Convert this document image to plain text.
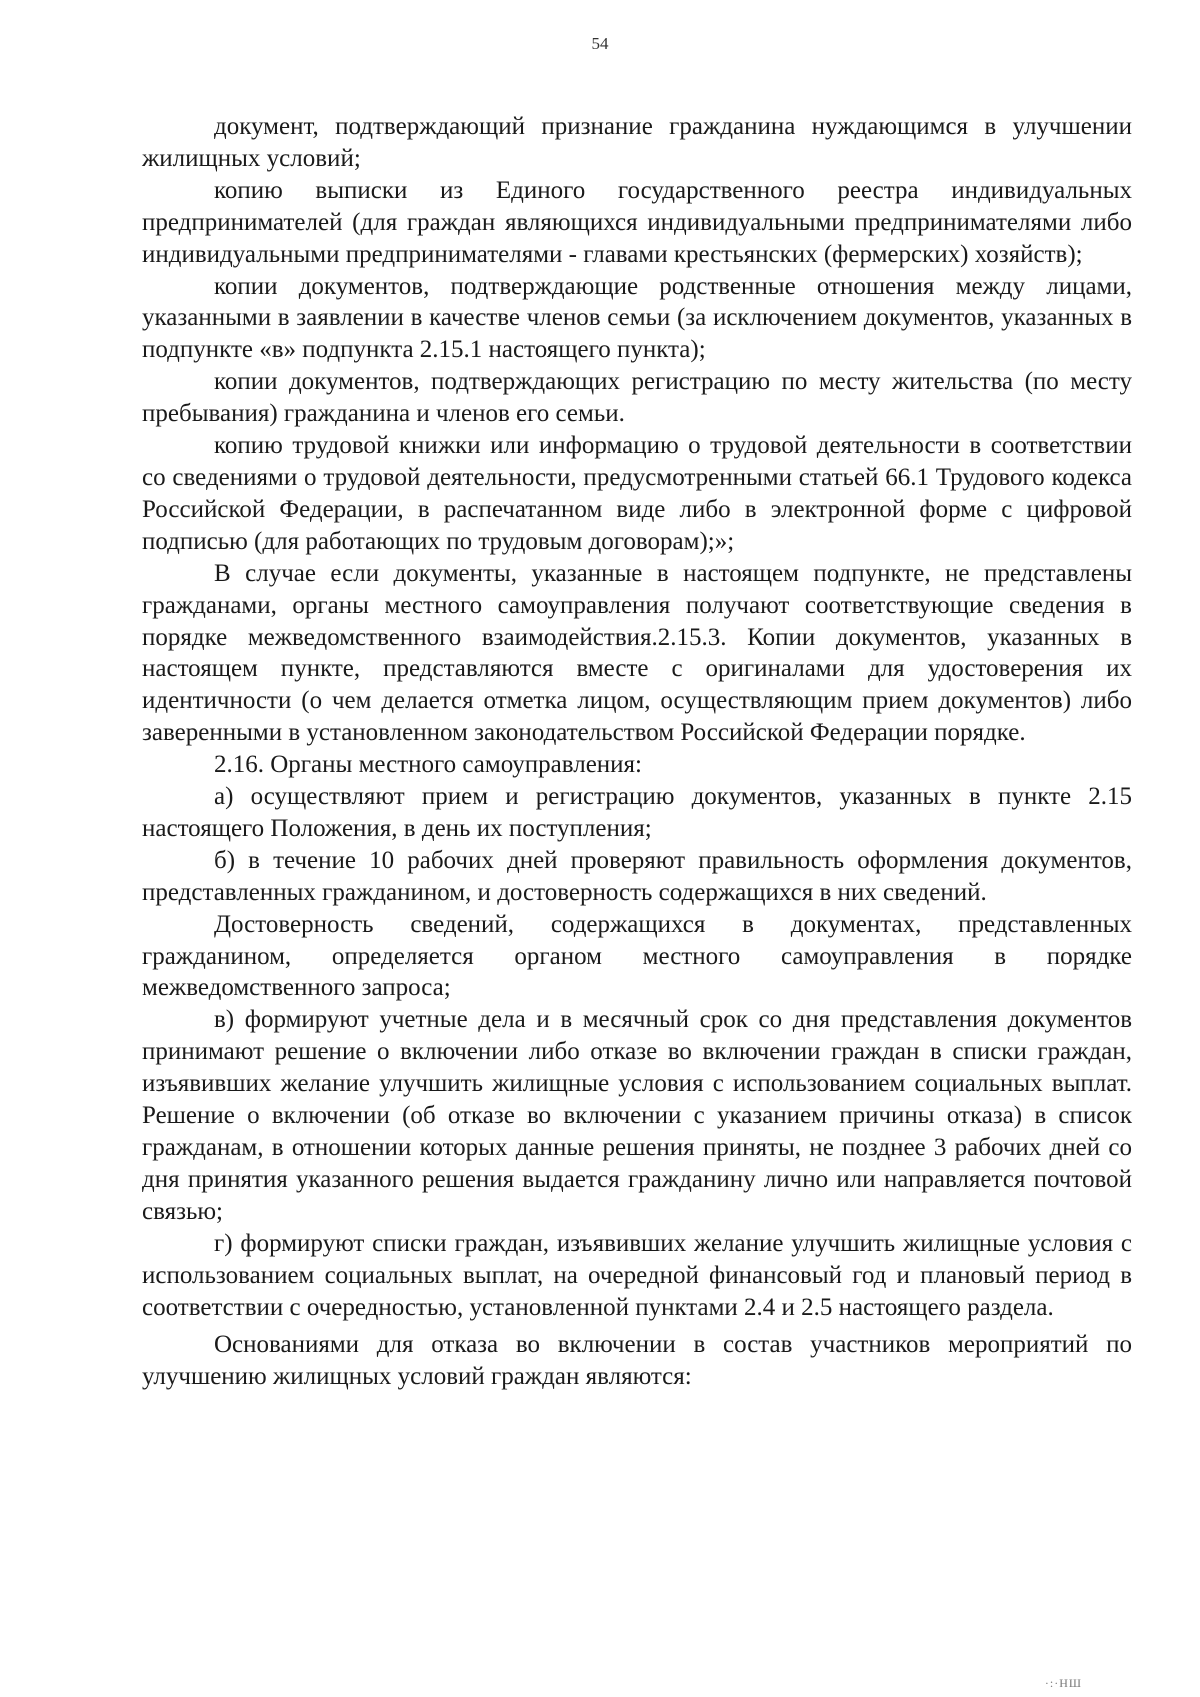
54

документ, подтверждающий признание гражданина нуждающимся в улучшении жилищных условий;

копию выписки из Единого государственного реестра индивидуальных предпринимателей (для граждан являющихся индивидуальными предпринимателями либо индивидуальными предпринимателями - главами крестьянских (фермерских) хозяйств);

копии документов, подтверждающие родственные отношения между лицами, указанными в заявлении в качестве членов семьи (за исключением документов, указанных в подпункте «в» подпункта 2.15.1 настоящего пункта);

копии документов, подтверждающих регистрацию по месту жительства (по месту пребывания) гражданина и членов его семьи.

копию трудовой книжки или информацию о трудовой деятельности в соответствии со сведениями о трудовой деятельности, предусмотренными статьей 66.1 Трудового кодекса Российской Федерации, в распечатанном виде либо в электронной форме с цифровой подписью (для работающих по трудовым договорам);»;

В случае если документы, указанные в настоящем подпункте, не представлены гражданами, органы местного самоуправления получают соответствующие сведения в порядке межведомственного взаимодействия.2.15.3. Копии документов, указанных в настоящем пункте, представляются вместе с оригиналами для удостоверения их идентичности (о чем делается отметка лицом, осуществляющим прием документов) либо заверенными в установленном законодательством Российской Федерации порядке.

2.16. Органы местного самоуправления:

а) осуществляют прием и регистрацию документов, указанных в пункте 2.15 настоящего Положения, в день их поступления;

б) в течение 10 рабочих дней проверяют правильность оформления документов, представленных гражданином, и достоверность содержащихся в них сведений.

Достоверность сведений, содержащихся в документах, представленных гражданином, определяется органом местного самоуправления в порядке межведомственного запроса;

в) формируют учетные дела и в месячный срок со дня представления документов принимают решение о включении либо отказе во включении граждан в списки граждан, изъявивших желание улучшить жилищные условия с использованием социальных выплат. Решение о включении (об отказе во включении с указанием причины отказа) в список гражданам, в отношении которых данные решения приняты, не позднее 3 рабочих дней со дня принятия указанного решения выдается гражданину лично или направляется почтовой связью;

г) формируют списки граждан, изъявивших желание улучшить жилищные условия с использованием социальных выплат, на очередной финансовый год и плановый период в соответствии с очередностью, установленной пунктами 2.4 и 2.5 настоящего раздела.

Основаниями для отказа во включении в состав участников мероприятий по улучшению жилищных условий граждан являются:

·:·НШ
